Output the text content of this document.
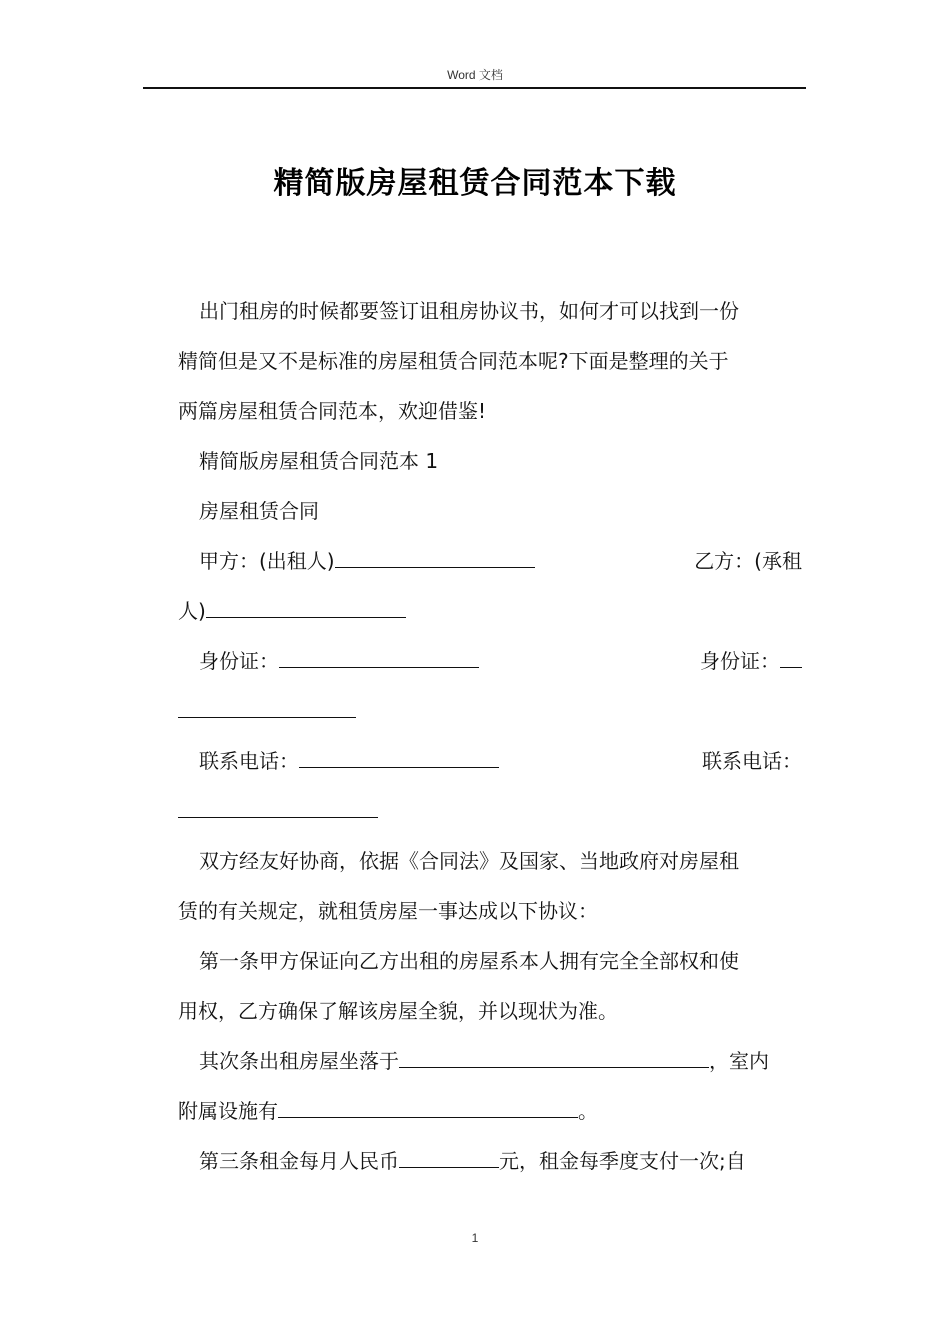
Word 文档
精简版房屋租赁合同范本下载
出门租房的时候都要签订诅租房协议书，如何才可以找到一份
精简但是又不是标准的房屋租赁合同范本呢?下面是整理的关于
两篇房屋租赁合同范本，欢迎借鉴!
精简版房屋租赁合同范本 1
房屋租赁合同
甲方：(出租人)	乙方：(承租
人)
身份证：	身份证：
联系电话：	联系电话：
双方经友好协商，依据《合同法》及国家、当地政府对房屋租
赁的有关规定，就租赁房屋一事达成以下协议：
第一条甲方保证向乙方出租的房屋系本人拥有完全全部权和使
用权，乙方确保了解该房屋全貌，并以现状为准。
其次条出租房屋坐落于	，室内
附属设施有	。
第三条租金每月人民币	元，租金每季度支付一次;自
1
